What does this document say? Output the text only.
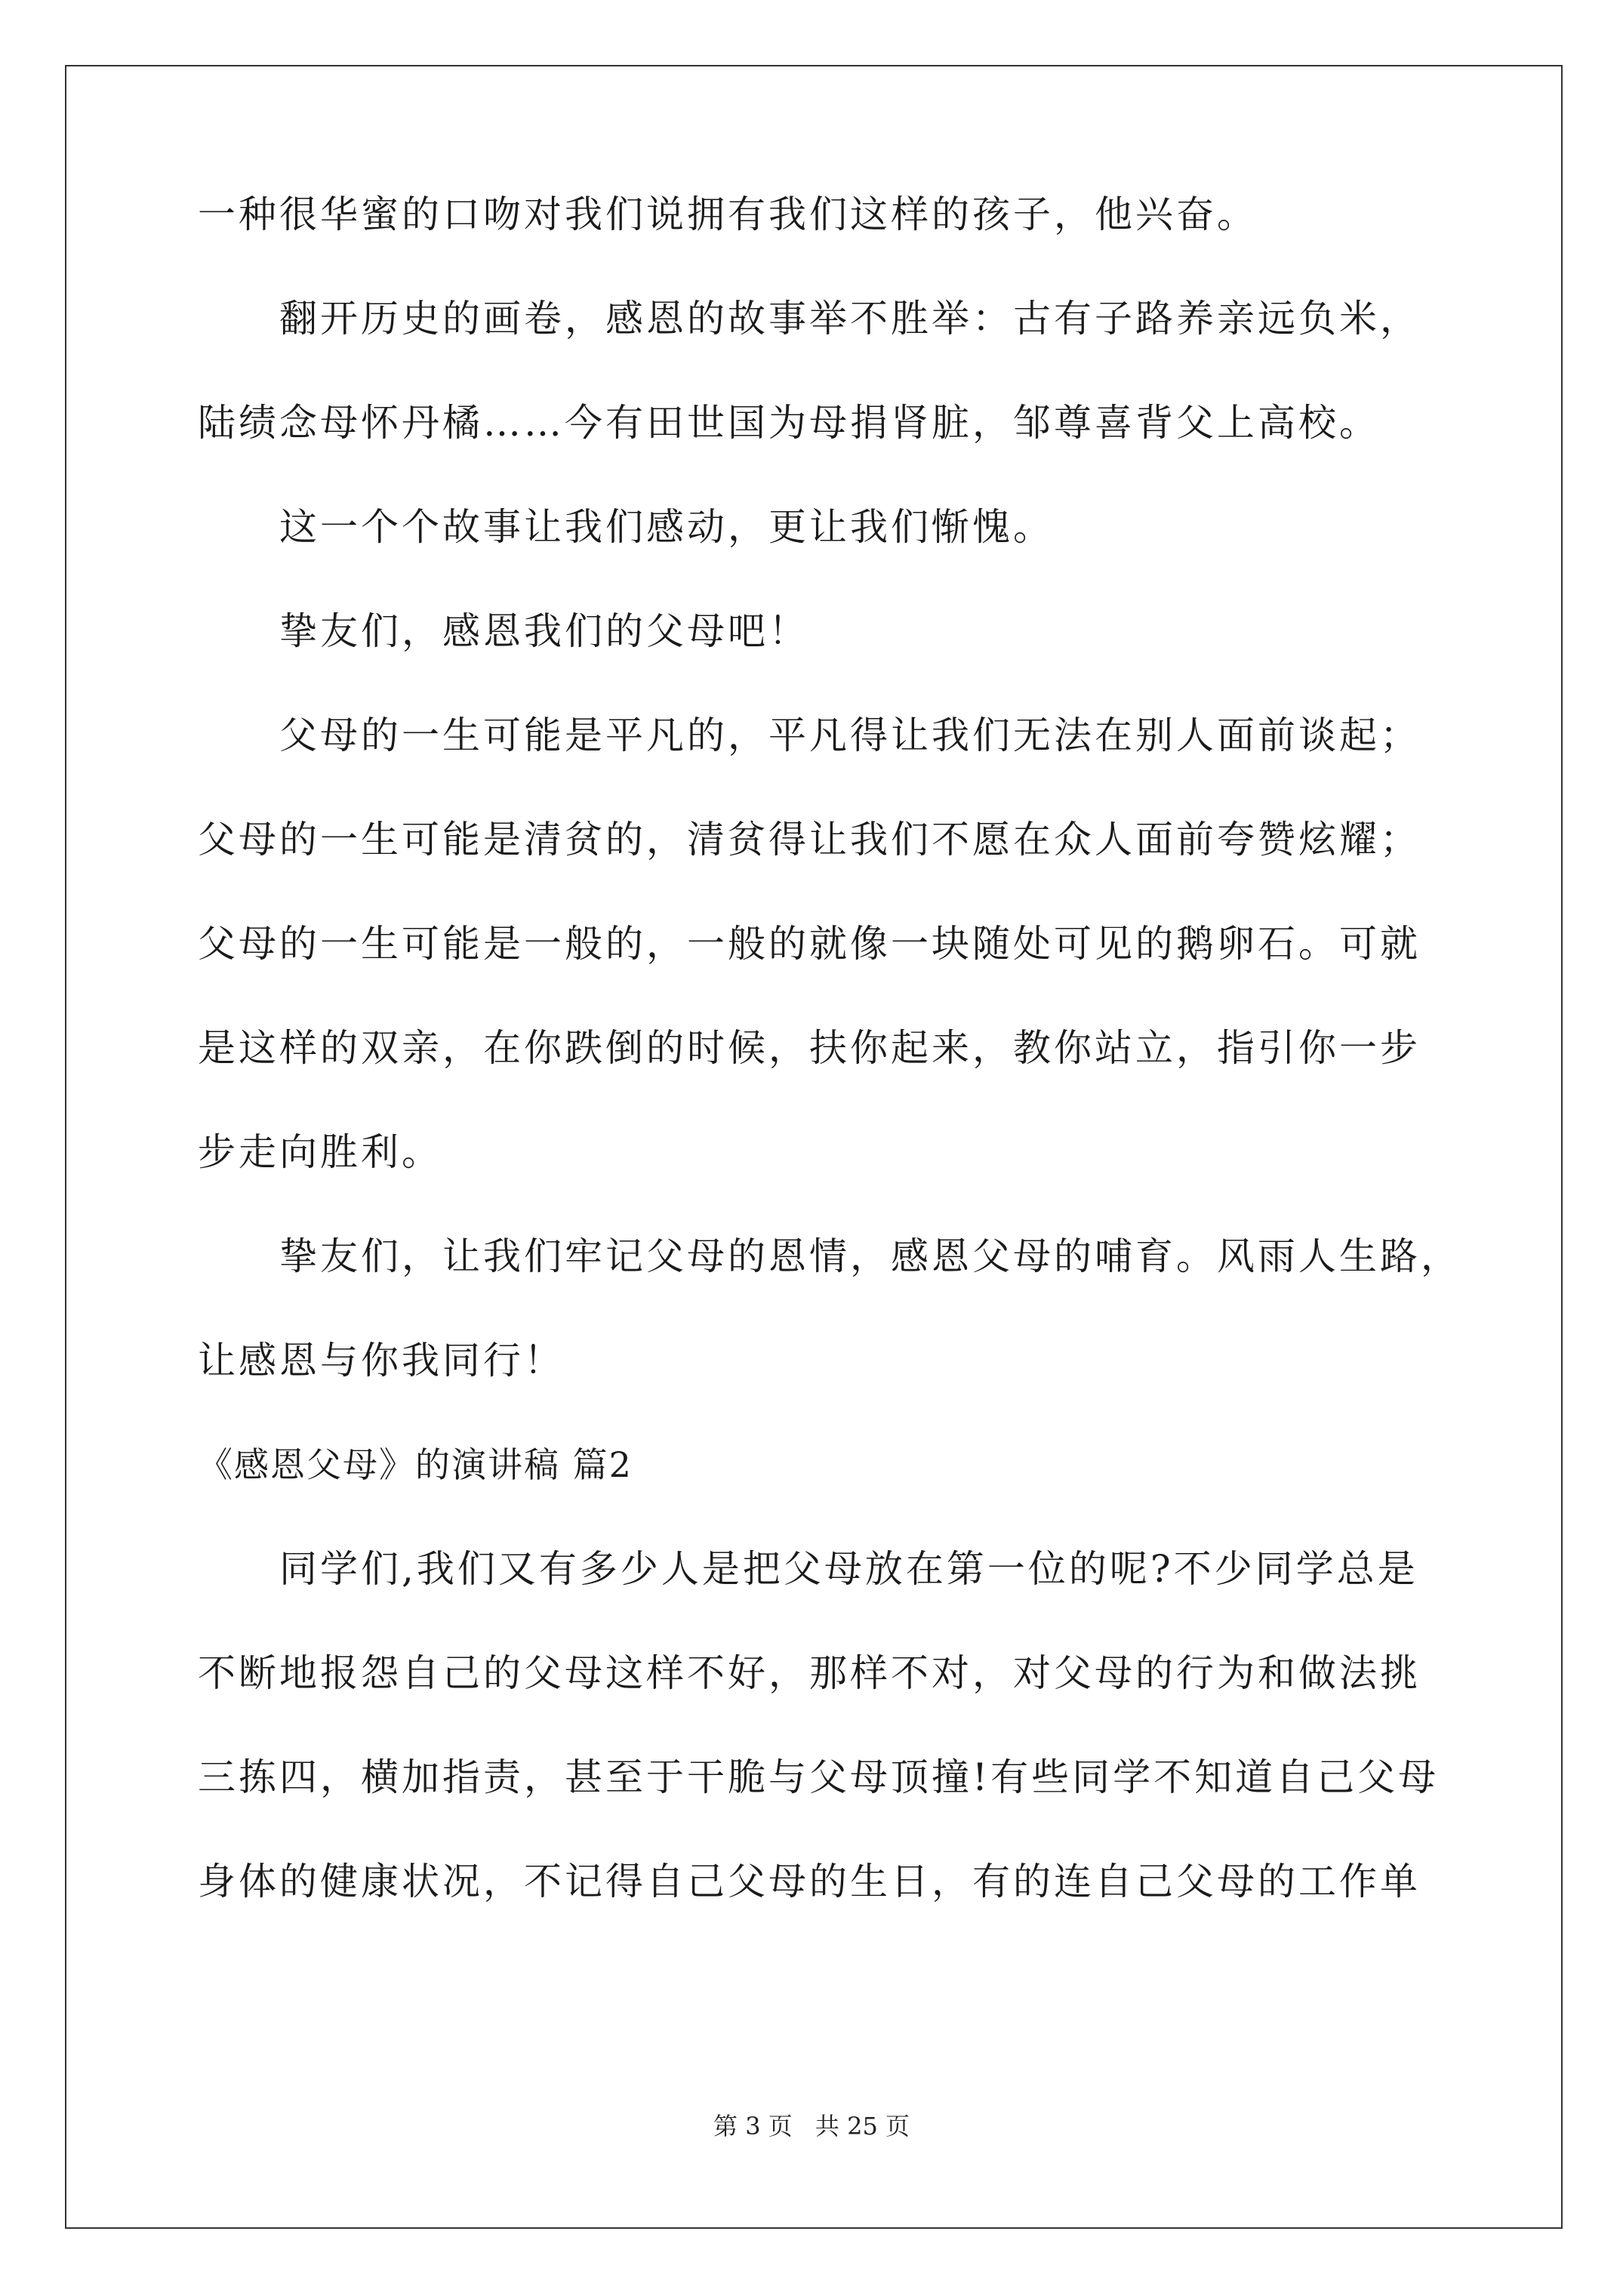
一种很华蜜的口吻对我们说拥有我们这样的孩子，他兴奋。
翻开历史的画卷，感恩的故事举不胜举：古有子路养亲远负米，
陆绩念母怀丹橘……今有田世国为母捐肾脏，邹尊喜背父上高校。
这一个个故事让我们感动，更让我们惭愧。
挚友们，感恩我们的父母吧！
父母的一生可能是平凡的，平凡得让我们无法在别人面前谈起；
父母的一生可能是清贫的，清贫得让我们不愿在众人面前夸赞炫耀；
父母的一生可能是一般的，一般的就像一块随处可见的鹅卵石。可就
是这样的双亲，在你跌倒的时候，扶你起来，教你站立，指引你一步
步走向胜利。
挚友们，让我们牢记父母的恩情，感恩父母的哺育。风雨人生路，
让感恩与你我同行！
《感恩父母》的演讲稿 篇2
同学们,我们又有多少人是把父母放在第一位的呢?不少同学总是
不断地报怨自己的父母这样不好，那样不对，对父母的行为和做法挑
三拣四，横加指责，甚至于干脆与父母顶撞!有些同学不知道自己父母
身体的健康状况，不记得自己父母的生日，有的连自己父母的工作单
第 3 页 共 25 页
